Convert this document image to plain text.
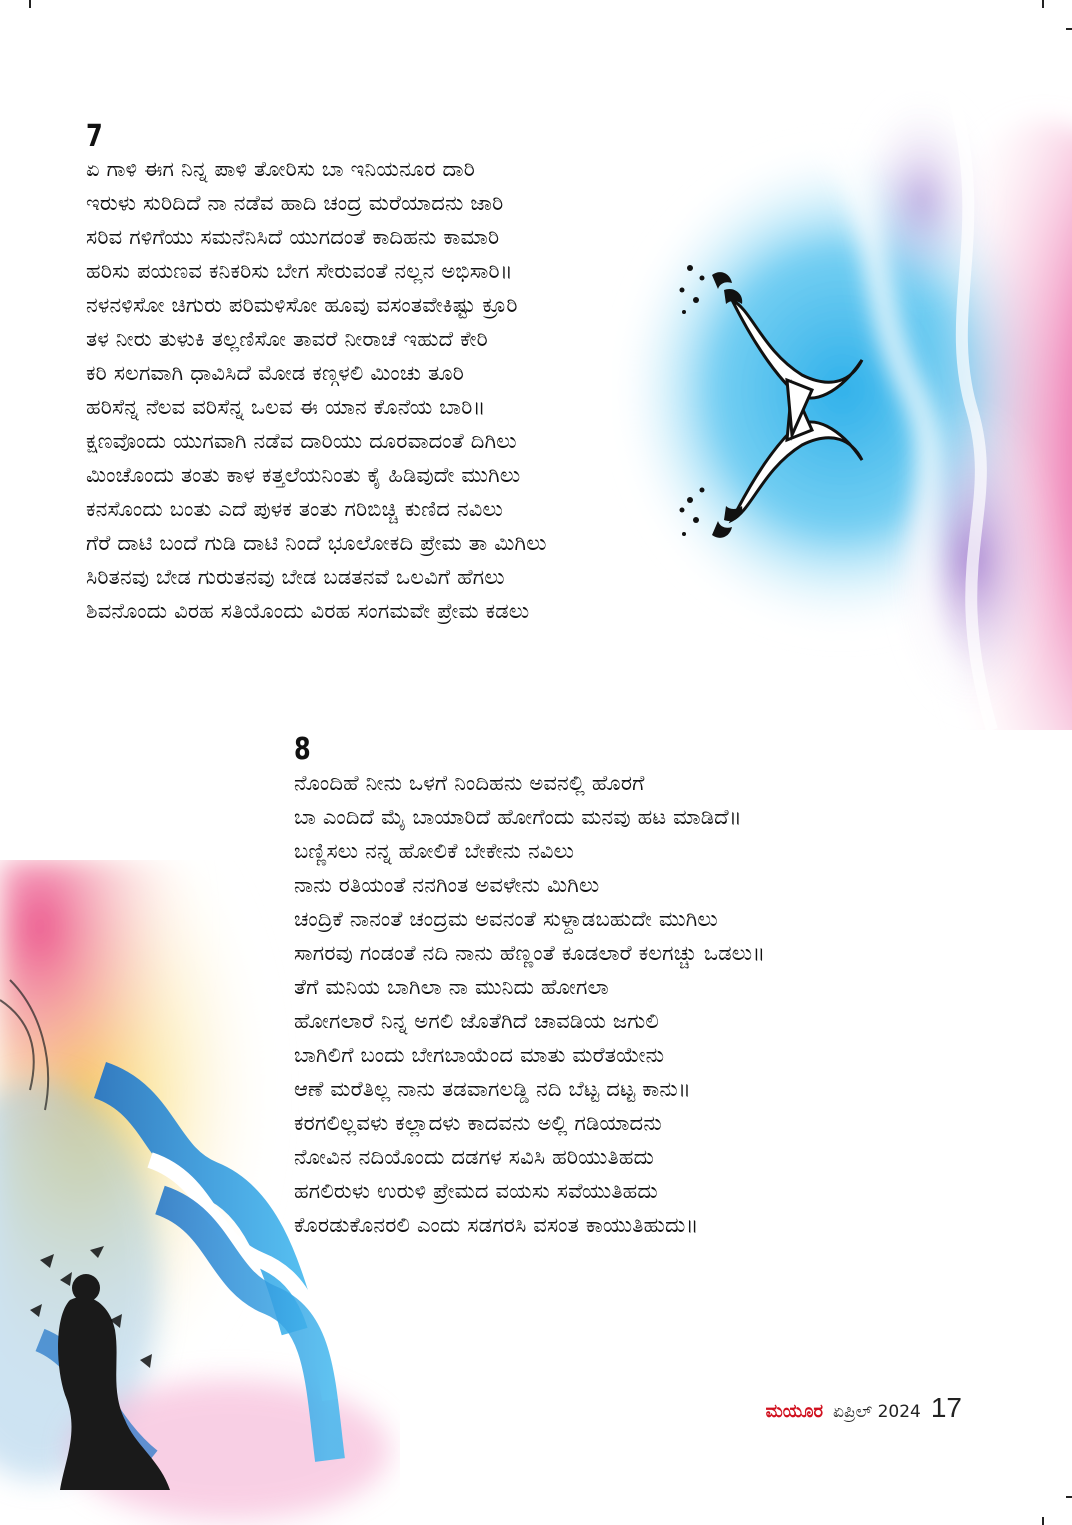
7
ಏ ಗಾಳಿ ಈಗ ನಿನ್ನ ಪಾಳಿ ತೋರಿಸು ಬಾ ಇನಿಯನೂರ ದಾರಿ
ಇರುಳು ಸುರಿದಿದೆ ನಾ ನಡೆವ ಹಾದಿ ಚಂದ್ರ ಮರೆಯಾದನು ಜಾರಿ
ಸರಿವ ಗಳಿಗೆಯು ಸಮನೆನಿಸಿದೆ ಯುಗದಂತೆ ಕಾದಿಹನು ಕಾಮಾರಿ
ಹರಿಸು ಪಯಣವ ಕನಿಕರಿಸು ಬೇಗ ಸೇರುವಂತೆ ನಲ್ಲನ ಅಭಿಸಾರಿ॥
ನಳನಳಿಸೋ ಚಿಗುರು ಪರಿಮಳಿಸೋ ಹೂವು ವಸಂತವೇಕಿಷ್ಟು ಕ್ರೂರಿ
ತಳ ನೀರು ತುಳುಕಿ ತಲ್ಲಣಿಸೋ ತಾವರೆ ನೀರಾಚೆ ಇಹುದೆ ಕೇರಿ
ಕರಿ ಸಲಗವಾಗಿ ಧಾವಿಸಿದೆ ಮೋಡ ಕಣ್ಗಳಲಿ ಮಿಂಚು ತೂರಿ
ಹರಿಸೆನ್ನ ನೆಲವ ವರಿಸೆನ್ನ ಒಲವ ಈ ಯಾನ ಕೊನೆಯ ಬಾರಿ॥
ಕ್ಷಣವೊಂದು ಯುಗವಾಗಿ ನಡೆವ ದಾರಿಯು ದೂರವಾದಂತೆ ದಿಗಿಲು
ಮಿಂಚೊಂದು ತಂತು ಕಾಳ ಕತ್ತಲೆಯನಿಂತು ಕೈ ಹಿಡಿವುದೇ ಮುಗಿಲು
ಕನಸೊಂದು ಬಂತು ಎದೆ ಪುಳಕ ತಂತು ಗರಿಬಿಚ್ಚಿ ಕುಣಿದ ನವಿಲು
ಗೆರೆ ದಾಟಿ ಬಂದೆ ಗುಡಿ ದಾಟಿ ನಿಂದೆ ಭೂಲೋಕದಿ ಪ್ರೇಮ ತಾ ಮಿಗಿಲು
ಸಿರಿತನವು ಬೇಡ ಗುರುತನವು ಬೇಡ ಬಡತನವೆ ಒಲವಿಗೆ ಹೆಗಲು
ಶಿವನೊಂದು ವಿರಹ ಸತಿಯೊಂದು ವಿರಹ ಸಂಗಮವೇ ಪ್ರೇಮ ಕಡಲು
8
ನೊಂದಿಹೆ ನೀನು ಒಳಗೆ ನಿಂದಿಹನು ಅವನಲ್ಲಿ ಹೊರಗೆ
ಬಾ ಎಂದಿದೆ ಮೈ ಬಾಯಾರಿದೆ ಹೋಗೆಂದು ಮನವು ಹಟ ಮಾಡಿದೆ॥
ಬಣ್ಣಿಸಲು ನನ್ನ ಹೋಲಿಕೆ ಬೇಕೇನು ನವಿಲು
ನಾನು ರತಿಯಂತೆ ನನಗಿಂತ ಅವಳೇನು ಮಿಗಿಲು
ಚಂದ್ರಿಕೆ ನಾನಂತೆ ಚಂದ್ರಮ ಅವನಂತೆ ಸುಳ್ದಾಡಬಹುದೇ ಮುಗಿಲು
ಸಾಗರವು ಗಂಡಂತೆ ನದಿ ನಾನು ಹೆಣ್ಣಂತೆ ಕೂಡಲಾರೆ ಕಲಗಚ್ಚು ಒಡಲು॥
ತೆಗೆ ಮನಿಯ ಬಾಗಿಲಾ ನಾ ಮುನಿದು ಹೋಗಲಾ
ಹೋಗಲಾರೆ ನಿನ್ನ ಅಗಲಿ ಜೊತೆಗಿದೆ ಚಾವಡಿಯ ಜಗುಲಿ
ಬಾಗಿಲಿಗೆ ಬಂದು ಬೇಗಬಾಯೆಂದ ಮಾತು ಮರೆತಯೇನು
ಆಣೆ ಮರೆತಿಲ್ಲ ನಾನು ತಡವಾಗಲಡ್ಡಿ ನದಿ ಬೆಟ್ಟ ದಟ್ಟ ಕಾನು॥
ಕರಗಲಿಲ್ಲವಳು ಕಲ್ಲಾದಳು ಕಾದವನು ಅಲ್ಲಿ ಗಡಿಯಾದನು
ನೋವಿನ ನದಿಯೊಂದು ದಡಗಳ ಸವಿಸಿ ಹರಿಯುತಿಹದು
ಹಗಲಿರುಳು ಉರುಳಿ ಪ್ರೇಮದ ವಯಸು ಸವೆಯುತಿಹದು
ಕೊರಡುಕೊನರಲಿ ಎಂದು ಸಡಗರಸಿ ವಸಂತ ಕಾಯುತಿಹುದು॥
ಮಯೂರ ಏಪ್ರಿಲ್ 2024 17
